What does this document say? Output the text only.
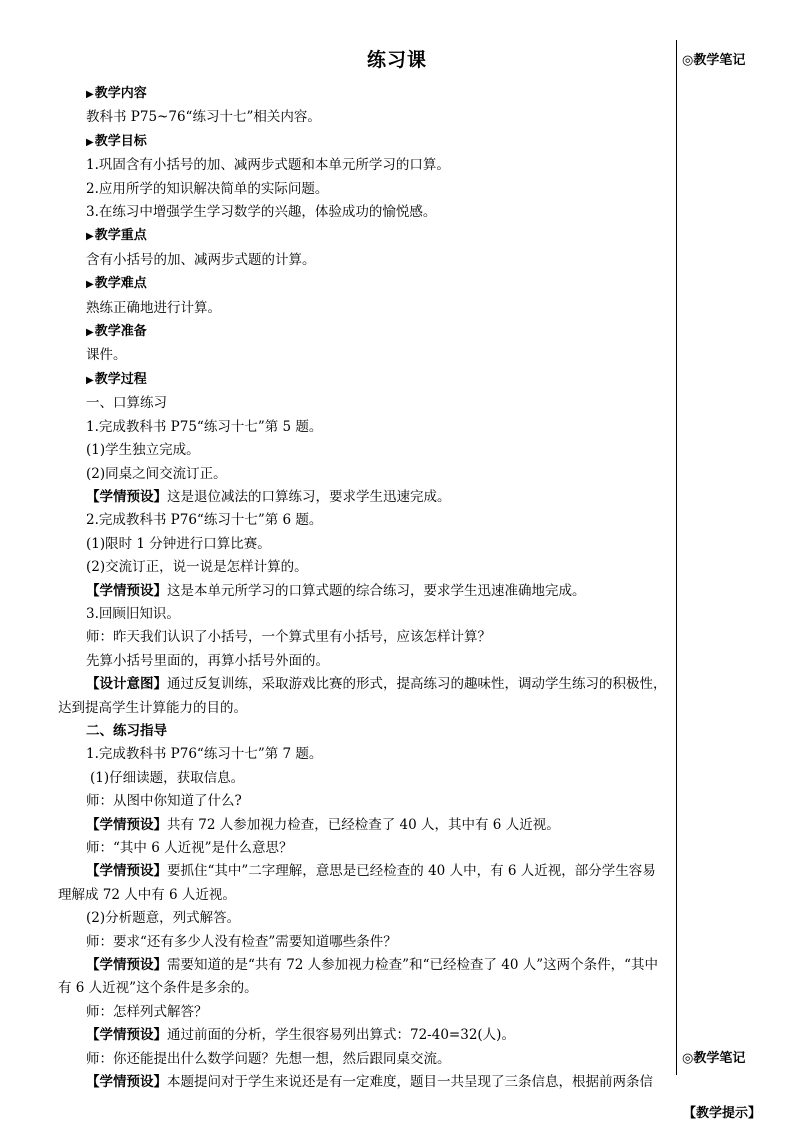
练习课	◎教学笔记
◎教学笔记
【教学提示】
▶教学内容
教科书 P75~76“练习十七”相关内容。
▶教学目标
1.巩固含有小括号的加、减两步式题和本单元所学习的口算。
2.应用所学的知识解决简单的实际问题。
3.在练习中增强学生学习数学的兴趣，体验成功的愉悦感。
▶教学重点
含有小括号的加、减两步式题的计算。
▶教学难点
熟练正确地进行计算。
▶教学准备
课件。
▶教学过程
一、口算练习
1.完成教科书 P75“练习十七”第 5 题。
(1)学生独立完成。
(2)同桌之间交流订正。
【学情预设】这是退位减法的口算练习，要求学生迅速完成。
2.完成教科书 P76“练习十七”第 6 题。
(1)限时 1 分钟进行口算比赛。
(2)交流订正，说一说是怎样计算的。
【学情预设】这是本单元所学习的口算式题的综合练习，要求学生迅速准确地完成。
3.回顾旧知识。
师：昨天我们认识了小括号，一个算式里有小括号，应该怎样计算？
先算小括号里面的，再算小括号外面的。
【设计意图】通过反复训练，采取游戏比赛的形式，提高练习的趣味性，调动学生练习的积极性，
达到提高学生计算能力的目的。
二、练习指导
1.完成教科书 P76“练习十七”第 7 题。
(1)仔细读题，获取信息。
师：从图中你知道了什么?
【学情预设】共有 72 人参加视力检查，已经检查了 40 人，其中有 6 人近视。
师：“其中 6 人近视”是什么意思？
【学情预设】要抓住“其中”二字理解，意思是已经检查的 40 人中，有 6 人近视，部分学生容易
理解成 72 人中有 6 人近视。
(2)分析题意，列式解答。
师：要求“还有多少人没有检查”需要知道哪些条件？
【学情预设】需要知道的是“共有 72 人参加视力检查”和“已经检查了 40 人”这两个条件，“其中
有 6 人近视”这个条件是多余的。
师：怎样列式解答？
【学情预设】通过前面的分析，学生很容易列出算式：72-40=32(人)。
师：你还能提出什么数学问题？先想一想，然后跟同桌交流。
【学情预设】本题提问对于学生来说还是有一定难度，题目一共呈现了三条信息，根据前两条信
